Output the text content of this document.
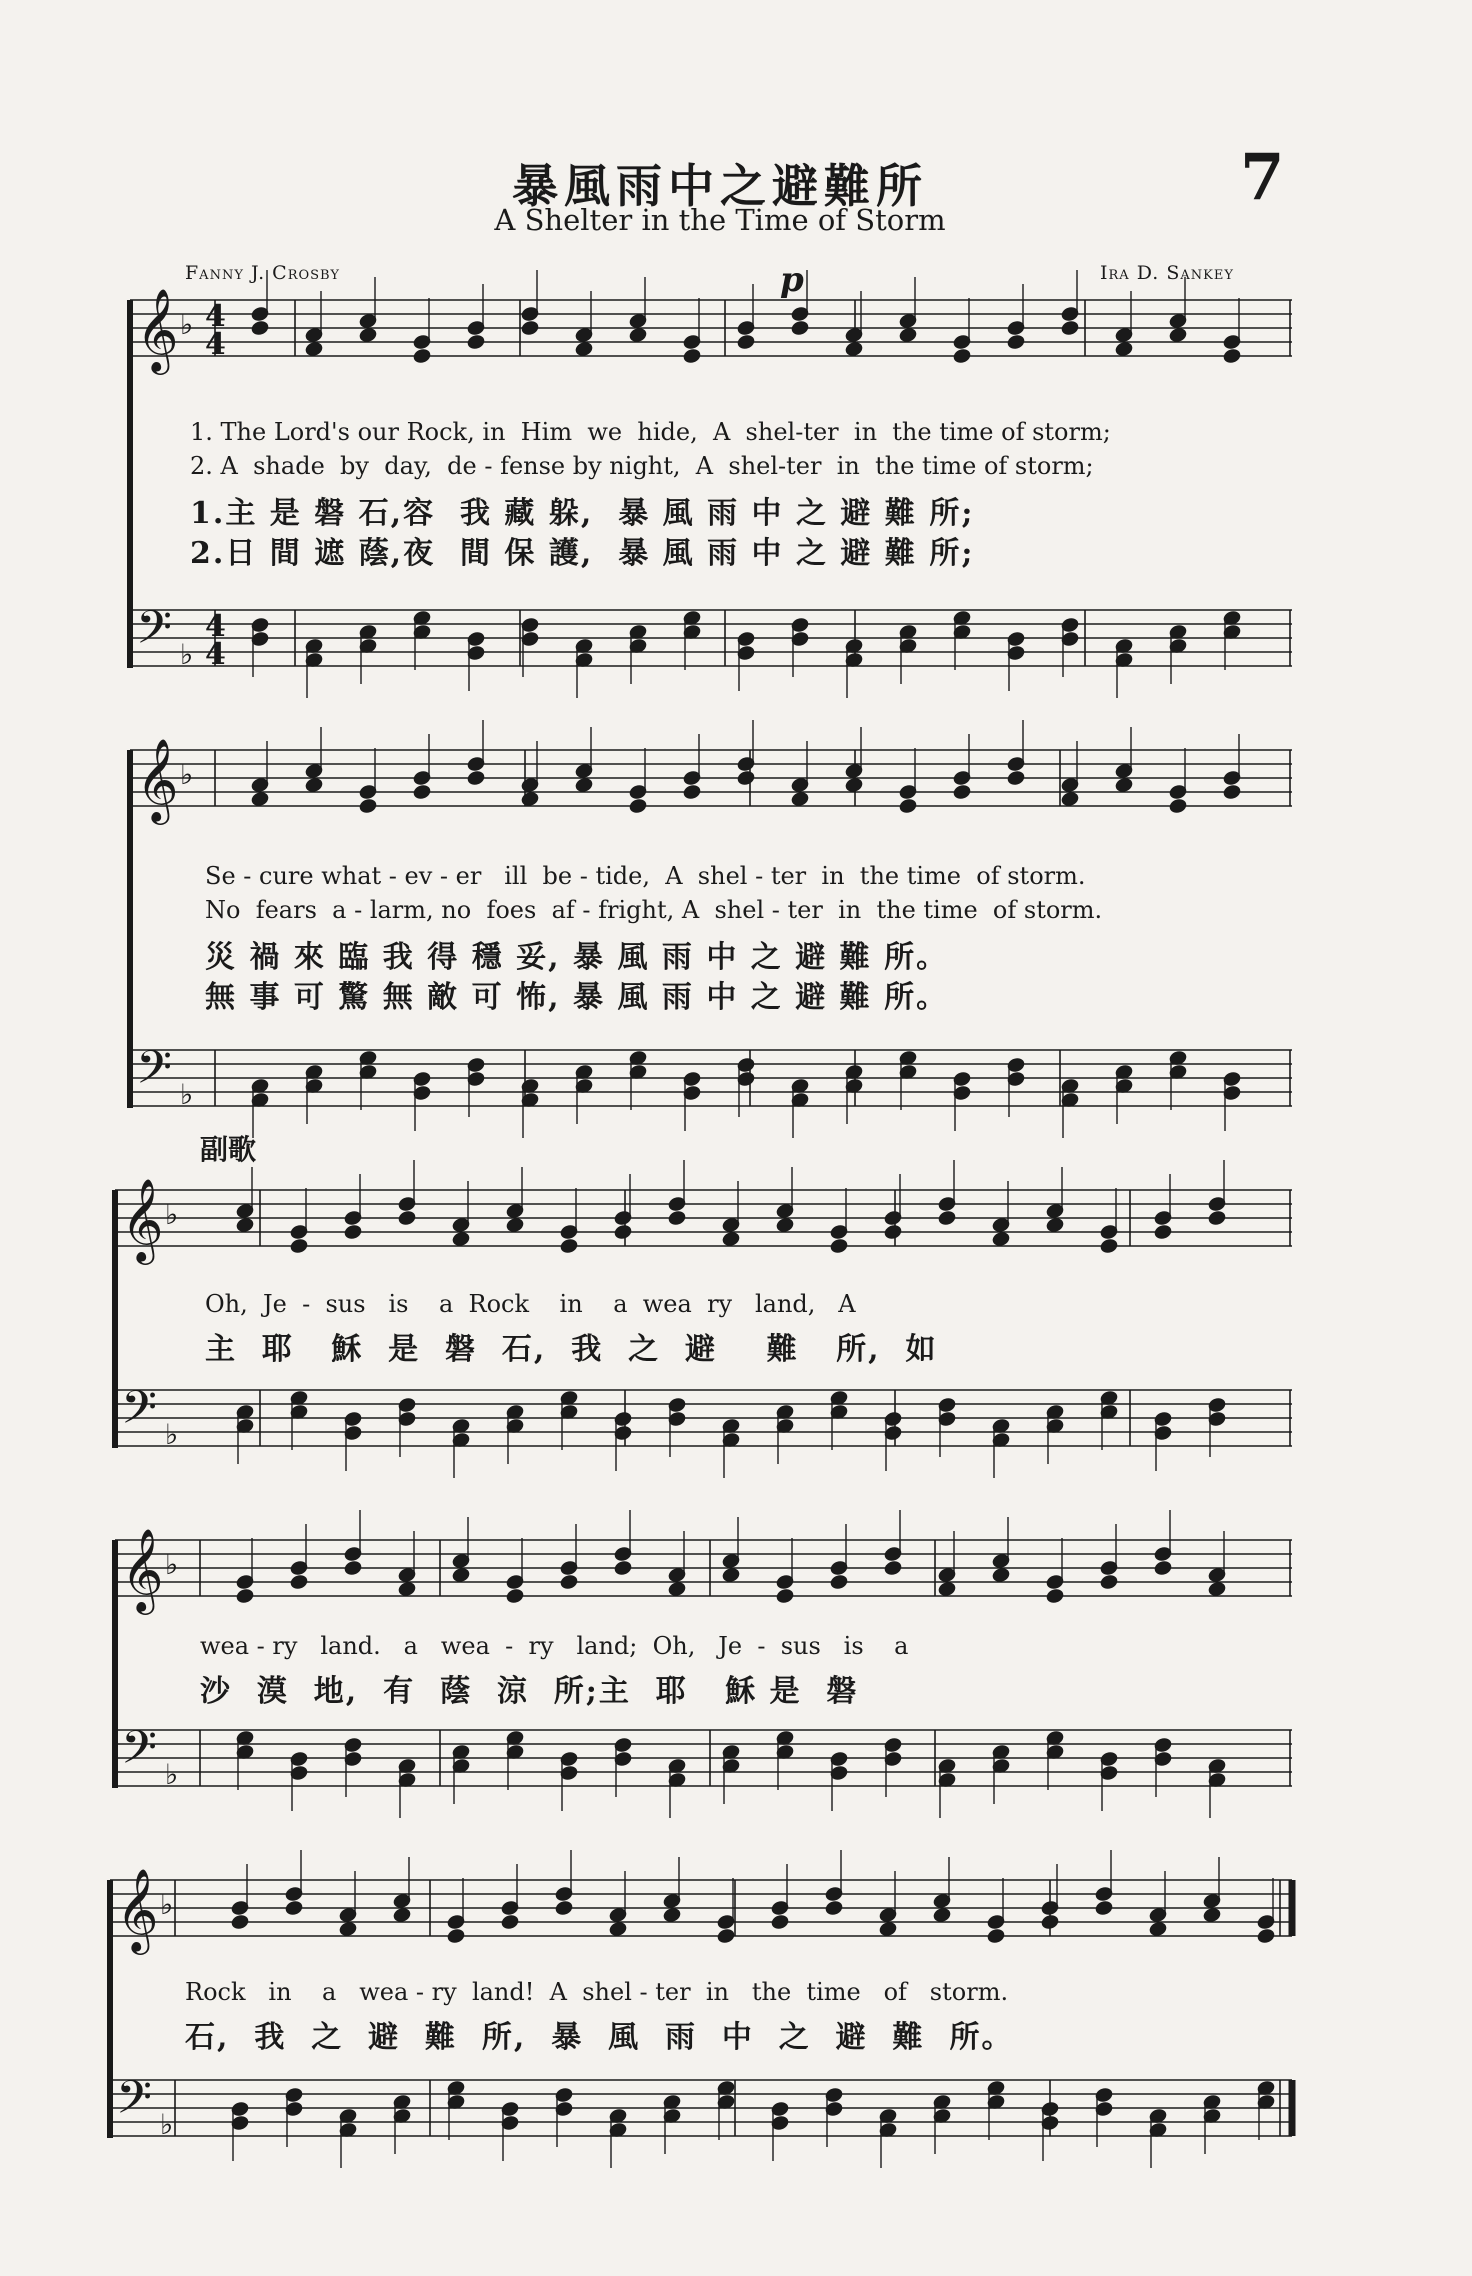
7
暴風雨中之避難所
A Shelter in the Time of Storm
Fanny J. Crosby	Ira D. Sankey
p
𝄞
𝄢
♭
♭
4
4
4
4
𝄞
𝄢
♭
♭
𝄞
𝄢
♭
♭
𝄞
𝄢
♭
♭
𝄞
𝄢
♭
♭
1. The Lord's our Rock, in  Him  we  hide,  A  shel-ter  in  the time of storm;
2. A  shade  by  day,  de - fense by night,  A  shel-ter  in  the time of storm;
1.主 是 磐 石,容  我 藏 躲,  暴 風 雨 中 之 避 難 所;
2.日 間 遮 蔭,夜  間 保 護,  暴 風 雨 中 之 避 難 所;
Se - cure what - ev - er   ill  be - tide,  A  shel - ter  in  the time  of storm.
No  fears  a - larm, no  foes  af - fright, A  shel - ter  in  the time  of storm.
災 禍 來 臨 我 得 穩 妥, 暴 風 雨 中 之 避 難 所。
無 事 可 驚 無 敵 可 怖, 暴 風 雨 中 之 避 難 所。
副歌
Oh,  Je  -  sus   is    a  Rock    in    a  wea  ry   land,   A
主  耶   穌  是  磐  石,  我  之  避    難   所,  如
wea - ry   land.   a   wea  -  ry   land;  Oh,   Je  -  sus   is    a
沙  漠  地,  有  蔭  涼  所;主  耶   穌 是  磐
Rock   in    a   wea - ry  land!  A  shel - ter  in   the  time   of   storm.
石,  我  之  避  難  所,  暴  風  雨  中  之  避  難  所。
